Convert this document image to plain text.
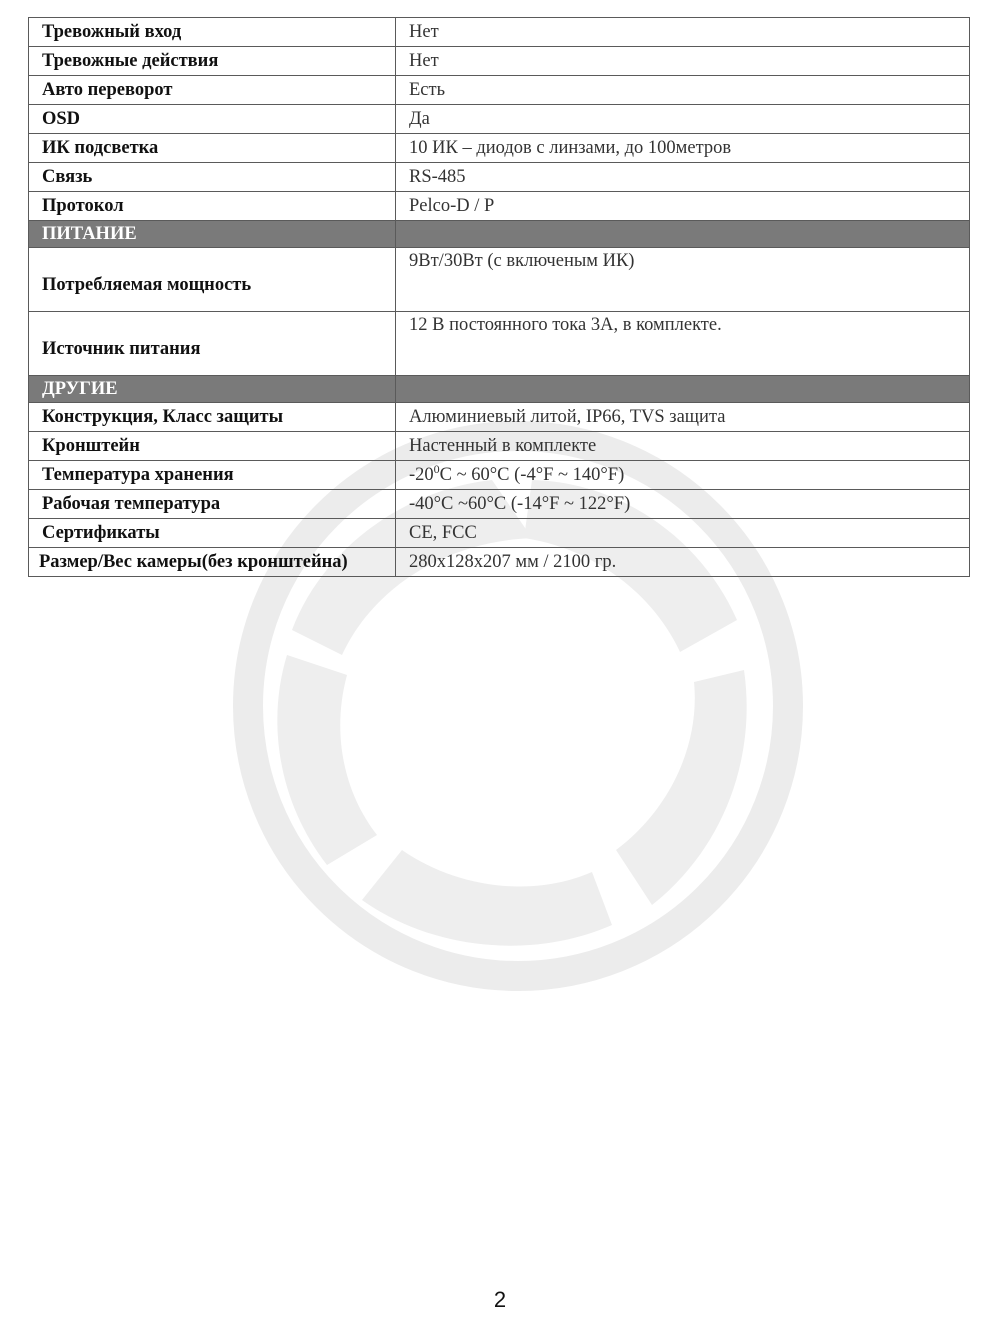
Тревожный вход	Нет
Тревожные действия	Нет
Авто переворот	Есть
OSD	Да
ИК подсветка	10 ИК – диодов с линзами, до 100метров
Связь	RS-485
Протокол	Pelco-D / P
ПИТАНИЕ	
Потребляемая мощность	9Вт/30Вт (с включеным ИК)
Источник питания	12 В постоянного тока 3А, в комплекте.
ДРУГИЕ	
Конструкция, Класс защиты	Алюминиевый литой, IP66, TVS защита
Кронштейн	Настенный в комплекте
Температура хранения	$-20^0C$ ~ 60°C (-4°F ~ 140°F)
Рабочая температура	-40°C ~60°C (-14°F ~ 122°F)
Сертификаты	CE, FCC
Размер/Вес камеры(без кронштейна)	280x128x207 мм / 2100 гр.
2
